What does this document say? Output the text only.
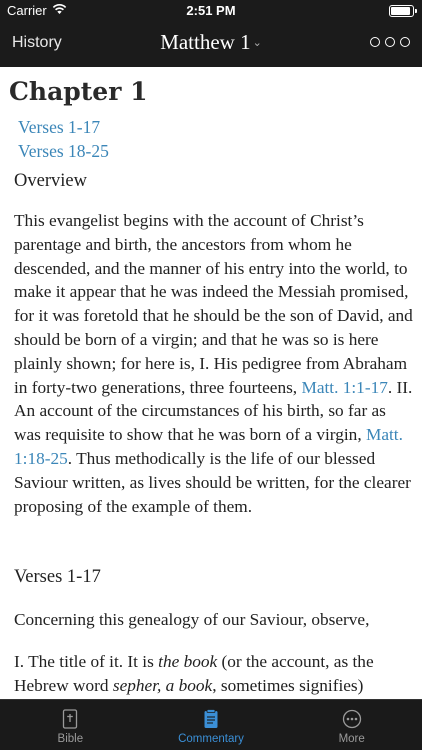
Carrier	2:51 PM
History	Matthew 1 ⌄
Chapter 1
Verses 1-17
Verses 18-25
Overview
This evangelist begins with the account of Christ’s parentage and birth, the ancestors from whom he descended, and the manner of his entry into the world, to make it appear that he was indeed the Messiah promised, for it was foretold that he should be the son of David, and should be born of a virgin; and that he was so is here plainly shown; for here is, I. His pedigree from Abraham in forty-two generations, three fourteens, Matt. 1:1-17. II. An account of the circumstances of his birth, so far as was requisite to show that he was born of a virgin, Matt. 1:18-25. Thus methodically is the life of our blessed Saviour written, as lives should be written, for the clearer proposing of the example of them.
Verses 1-17
Concerning this genealogy of our Saviour, observe,
I. The title of it. It is the book (or the account, as the Hebrew word sepher, a book, sometimes signifies)
Bible	Commentary	More
